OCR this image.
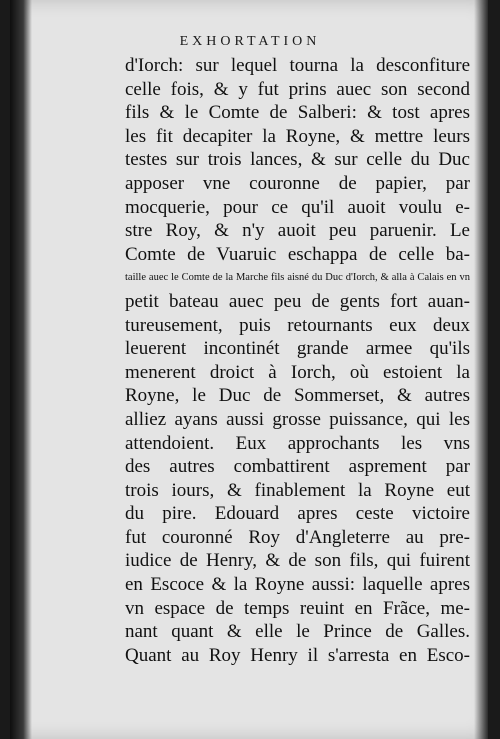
EXHORTATION
d'Iorch: sur lequel tourna la desconfiture
celle fois, & y fut prins auec son second
fils & le Comte de Salberi: & tost apres
les fit decapiter la Royne, & mettre leurs
testes sur trois lances, & sur celle du Duc
apposer vne couronne de papier, par
mocquerie, pour ce qu'il auoit voulu e-
stre Roy, & n'y auoit peu paruenir. Le
Comte de Vuaruic eschappa de celle ba-
taille auec le Comte de la Marche fils aisné du Duc d'Iorch, & alla à Calais en vn
petit bateau auec peu de gents fort auan-
tureusement, puis retournants eux deux
leuerent incontinét grande armee qu'ils
menerent droict à Iorch, où estoient la
Royne, le Duc de Sommerset, & autres
alliez ayans aussi grosse puissance, qui les
attendoient. Eux approchants les vns
des autres combattirent asprement par
trois iours, & finablement la Royne eut
du pire. Edouard apres ceste victoire
fut couronné Roy d'Angleterre au pre-
iudice de Henry, & de son fils, qui fuirent
en Escoce & la Royne aussi: laquelle apres
vn espace de temps reuint en Frãce, me-
nant quant & elle le Prince de Galles.
Quant au Roy Henry il s'arresta en Esco-
